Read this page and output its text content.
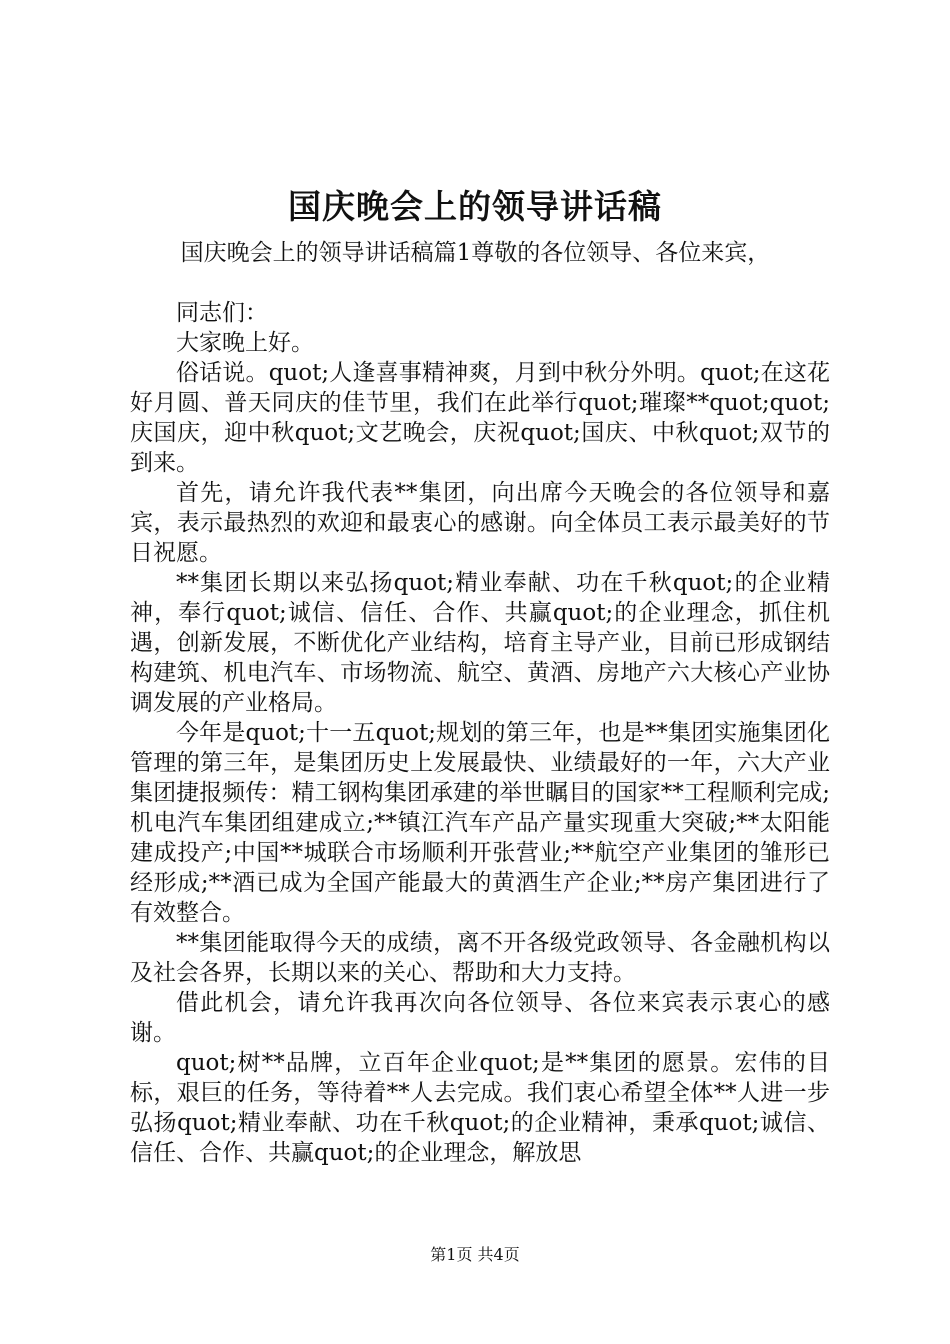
国庆晚会上的领导讲话稿

国庆晚会上的领导讲话稿篇1尊敬的各位领导、各位来宾，

同志们：

大家晚上好。

俗话说。quot;人逢喜事精神爽，月到中秋分外明。quot;在这花好月圆、普天同庆的佳节里，我们在此举行quot;璀璨**quot;quot;庆国庆，迎中秋quot;文艺晚会，庆祝quot;国庆、中秋quot;双节的到来。

首先，请允许我代表**集团，向出席今天晚会的各位领导和嘉宾，表示最热烈的欢迎和最衷心的感谢。向全体员工表示最美好的节日祝愿。

**集团长期以来弘扬quot;精业奉献、功在千秋quot;的企业精神，奉行quot;诚信、信任、合作、共赢quot;的企业理念，抓住机遇，创新发展，不断优化产业结构，培育主导产业，目前已形成钢结构建筑、机电汽车、市场物流、航空、黄酒、房地产六大核心产业协调发展的产业格局。

今年是quot;十一五quot;规划的第三年，也是**集团实施集团化管理的第三年，是集团历史上发展最快、业绩最好的一年，六大产业集团捷报频传：精工钢构集团承建的举世瞩目的国家**工程顺利完成;机电汽车集团组建成立;**镇江汽车产品产量实现重大突破;**太阳能建成投产;中国**城联合市场顺利开张营业;**航空产业集团的雏形已经形成;**酒已成为全国产能最大的黄酒生产企业;**房产集团进行了有效整合。

**集团能取得今天的成绩，离不开各级党政领导、各金融机构以及社会各界，长期以来的关心、帮助和大力支持。

借此机会，请允许我再次向各位领导、各位来宾表示衷心的感谢。

quot;树**品牌，立百年企业quot;是**集团的愿景。宏伟的目标，艰巨的任务，等待着**人去完成。我们衷心希望全体**人进一步弘扬quot;精业奉献、功在千秋quot;的企业精神，秉承quot;诚信、信任、合作、共赢quot;的企业理念，解放思

第1页 共4页
